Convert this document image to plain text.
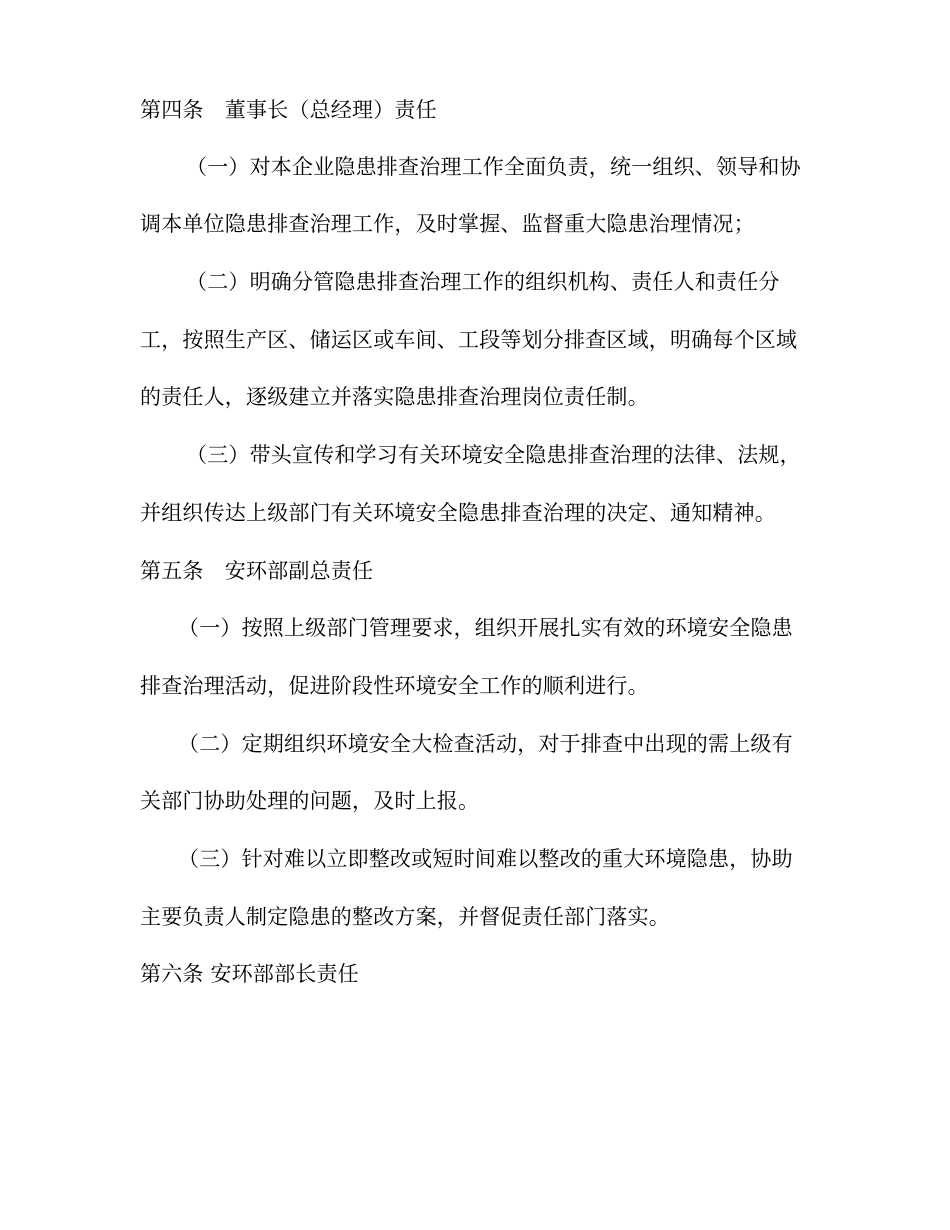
第四条　董事长（总经理）责任
（一）对本企业隐患排查治理工作全面负责，统一组织、领导和协
调本单位隐患排查治理工作，及时掌握、监督重大隐患治理情况；
（二）明确分管隐患排查治理工作的组织机构、责任人和责任分
工，按照生产区、储运区或车间、工段等划分排查区域，明确每个区域
的责任人，逐级建立并落实隐患排查治理岗位责任制。
（三）带头宣传和学习有关环境安全隐患排查治理的法律、法规，
并组织传达上级部门有关环境安全隐患排查治理的决定、通知精神。
第五条　安环部副总责任
（一）按照上级部门管理要求，组织开展扎实有效的环境安全隐患
排查治理活动，促进阶段性环境安全工作的顺利进行。
（二）定期组织环境安全大检查活动，对于排查中出现的需上级有
关部门协助处理的问题，及时上报。
（三）针对难以立即整改或短时间难以整改的重大环境隐患，协助
主要负责人制定隐患的整改方案，并督促责任部门落实。
第六条 安环部部长责任
